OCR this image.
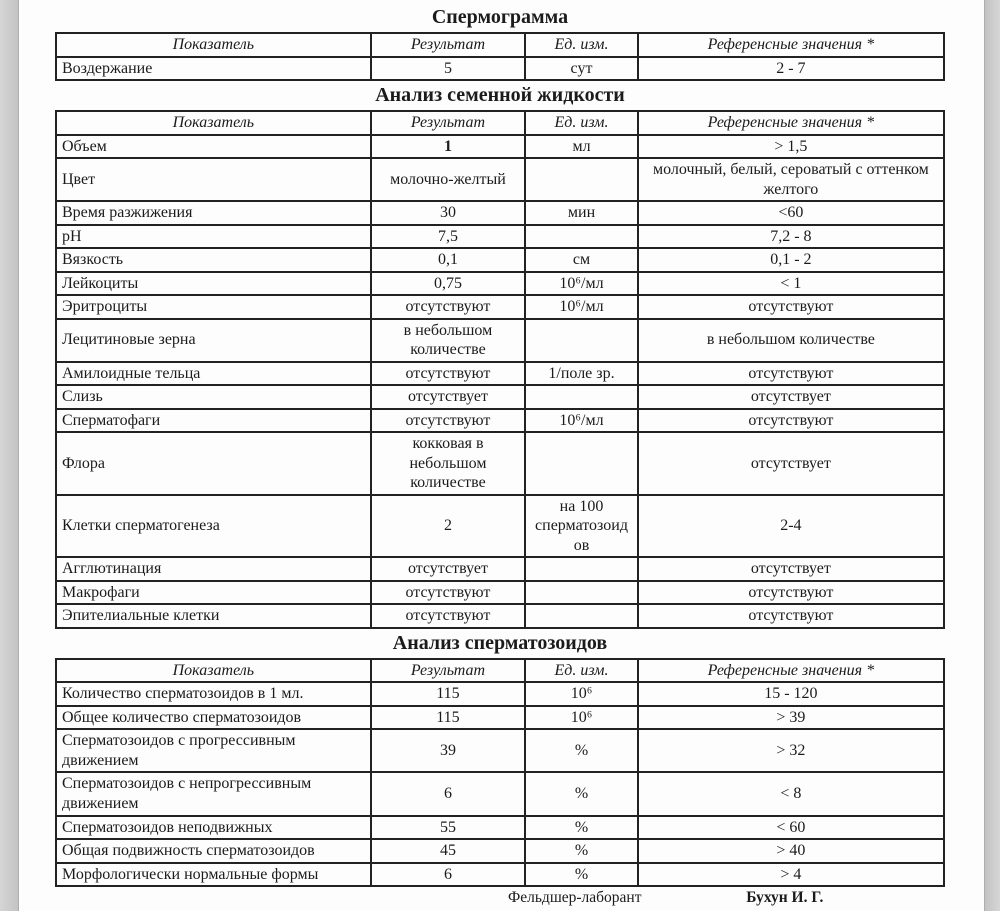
Спермограмма
Показатель	Результат	Ед. изм.	Референсные значения *
Воздержание	5	сут	2 - 7
Анализ семенной жидкости
Показатель	Результат	Ед. изм.	Референсные значения *
Объем	1	мл	> 1,5
Цвет	молочно-желтый		молочный, белый, сероватый с оттенком желтого
Время разжижения	30	мин	<60
pH	7,5		7,2 - 8
Вязкость	0,1	см	0,1 - 2
Лейкоциты	0,75	10⁶/мл	< 1
Эритроциты	отсутствуют	10⁶/мл	отсутствуют
Лецитиновые зерна	в небольшом количестве		в небольшом количестве
Амилоидные тельца	отсутствуют	1/поле зр.	отсутствуют
Слизь	отсутствует		отсутствует
Сперматофаги	отсутствуют	10⁶/мл	отсутствуют
Флора	кокковая в небольшом количестве		отсутствует
Клетки сперматогенеза	2	на 100 сперматозоидов	2-4
Агглютинация	отсутствует		отсутствует
Макрофаги	отсутствуют		отсутствуют
Эпителиальные клетки	отсутствуют		отсутствуют
Анализ сперматозоидов
Показатель	Результат	Ед. изм.	Референсные значения *
Количество сперматозоидов в 1 мл.	115	10⁶	15 - 120
Общее количество сперматозоидов	115	10⁶	> 39
Сперматозоидов с прогрессивным движением	39	%	> 32
Сперматозоидов с непрогрессивным движением	6	%	< 8
Сперматозоидов неподвижных	55	%	< 60
Общая подвижность сперматозоидов	45	%	> 40
Морфологически нормальные формы	6	%	> 4
Фельдшер-лаборант	Бухун И. Г.
